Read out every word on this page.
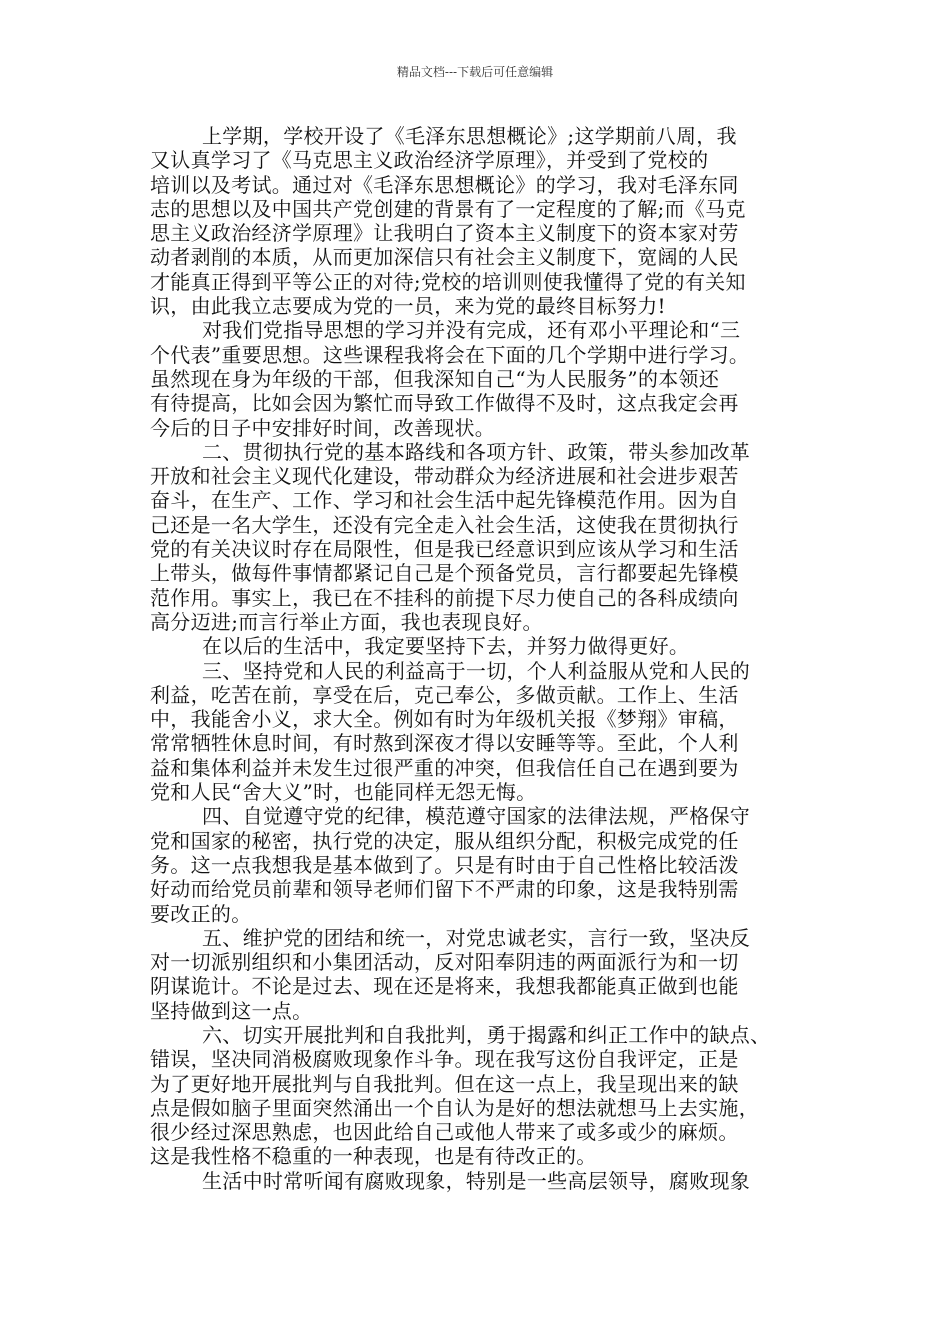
精品文档---下载后可任意编辑
上学期，学校开设了《毛泽东思想概论》;这学期前八周，我
又认真学习了《马克思主义政治经济学原理》，并受到了党校的
培训以及考试。通过对《毛泽东思想概论》的学习，我对毛泽东同
志的思想以及中国共产党创建的背景有了一定程度的了解;而《马克
思主义政治经济学原理》让我明白了资本主义制度下的资本家对劳
动者剥削的本质，从而更加深信只有社会主义制度下，宽阔的人民
才能真正得到平等公正的对待;党校的培训则使我懂得了党的有关知
识，由此我立志要成为党的一员，来为党的最终目标努力!
对我们党指导思想的学习并没有完成，还有邓小平理论和“三
个代表”重要思想。这些课程我将会在下面的几个学期中进行学习。
虽然现在身为年级的干部，但我深知自己“为人民服务”的本领还
有待提高，比如会因为繁忙而导致工作做得不及时，这点我定会再
今后的日子中安排好时间，改善现状。
二、贯彻执行党的基本路线和各项方针、政策，带头参加改革
开放和社会主义现代化建设，带动群众为经济进展和社会进步艰苦
奋斗，在生产、工作、学习和社会生活中起先锋模范作用。因为自
己还是一名大学生，还没有完全走入社会生活，这使我在贯彻执行
党的有关决议时存在局限性，但是我已经意识到应该从学习和生活
上带头，做每件事情都紧记自己是个预备党员，言行都要起先锋模
范作用。事实上，我已在不挂科的前提下尽力使自己的各科成绩向
高分迈进;而言行举止方面，我也表现良好。
在以后的生活中，我定要坚持下去，并努力做得更好。
三、坚持党和人民的利益高于一切，个人利益服从党和人民的
利益，吃苦在前，享受在后，克己奉公，多做贡献。工作上、生活
中，我能舍小义，求大全。例如有时为年级机关报《梦翔》审稿，
常常牺牲休息时间，有时熬到深夜才得以安睡等等。至此，个人利
益和集体利益并未发生过很严重的冲突，但我信任自己在遇到要为
党和人民“舍大义”时，也能同样无怨无悔。
四、自觉遵守党的纪律，模范遵守国家的法律法规，严格保守
党和国家的秘密，执行党的决定，服从组织分配，积极完成党的任
务。这一点我想我是基本做到了。只是有时由于自己性格比较活泼
好动而给党员前辈和领导老师们留下不严肃的印象，这是我特别需
要改正的。
五、维护党的团结和统一，对党忠诚老实，言行一致，坚决反
对一切派别组织和小集团活动，反对阳奉阴违的两面派行为和一切
阴谋诡计。不论是过去、现在还是将来，我想我都能真正做到也能
坚持做到这一点。
六、切实开展批判和自我批判，勇于揭露和纠正工作中的缺点、
错误，坚决同消极腐败现象作斗争。现在我写这份自我评定，正是
为了更好地开展批判与自我批判。但在这一点上，我呈现出来的缺
点是假如脑子里面突然涌出一个自认为是好的想法就想马上去实施，
很少经过深思熟虑，也因此给自己或他人带来了或多或少的麻烦。
这是我性格不稳重的一种表现，也是有待改正的。
生活中时常听闻有腐败现象，特别是一些高层领导，腐败现象
